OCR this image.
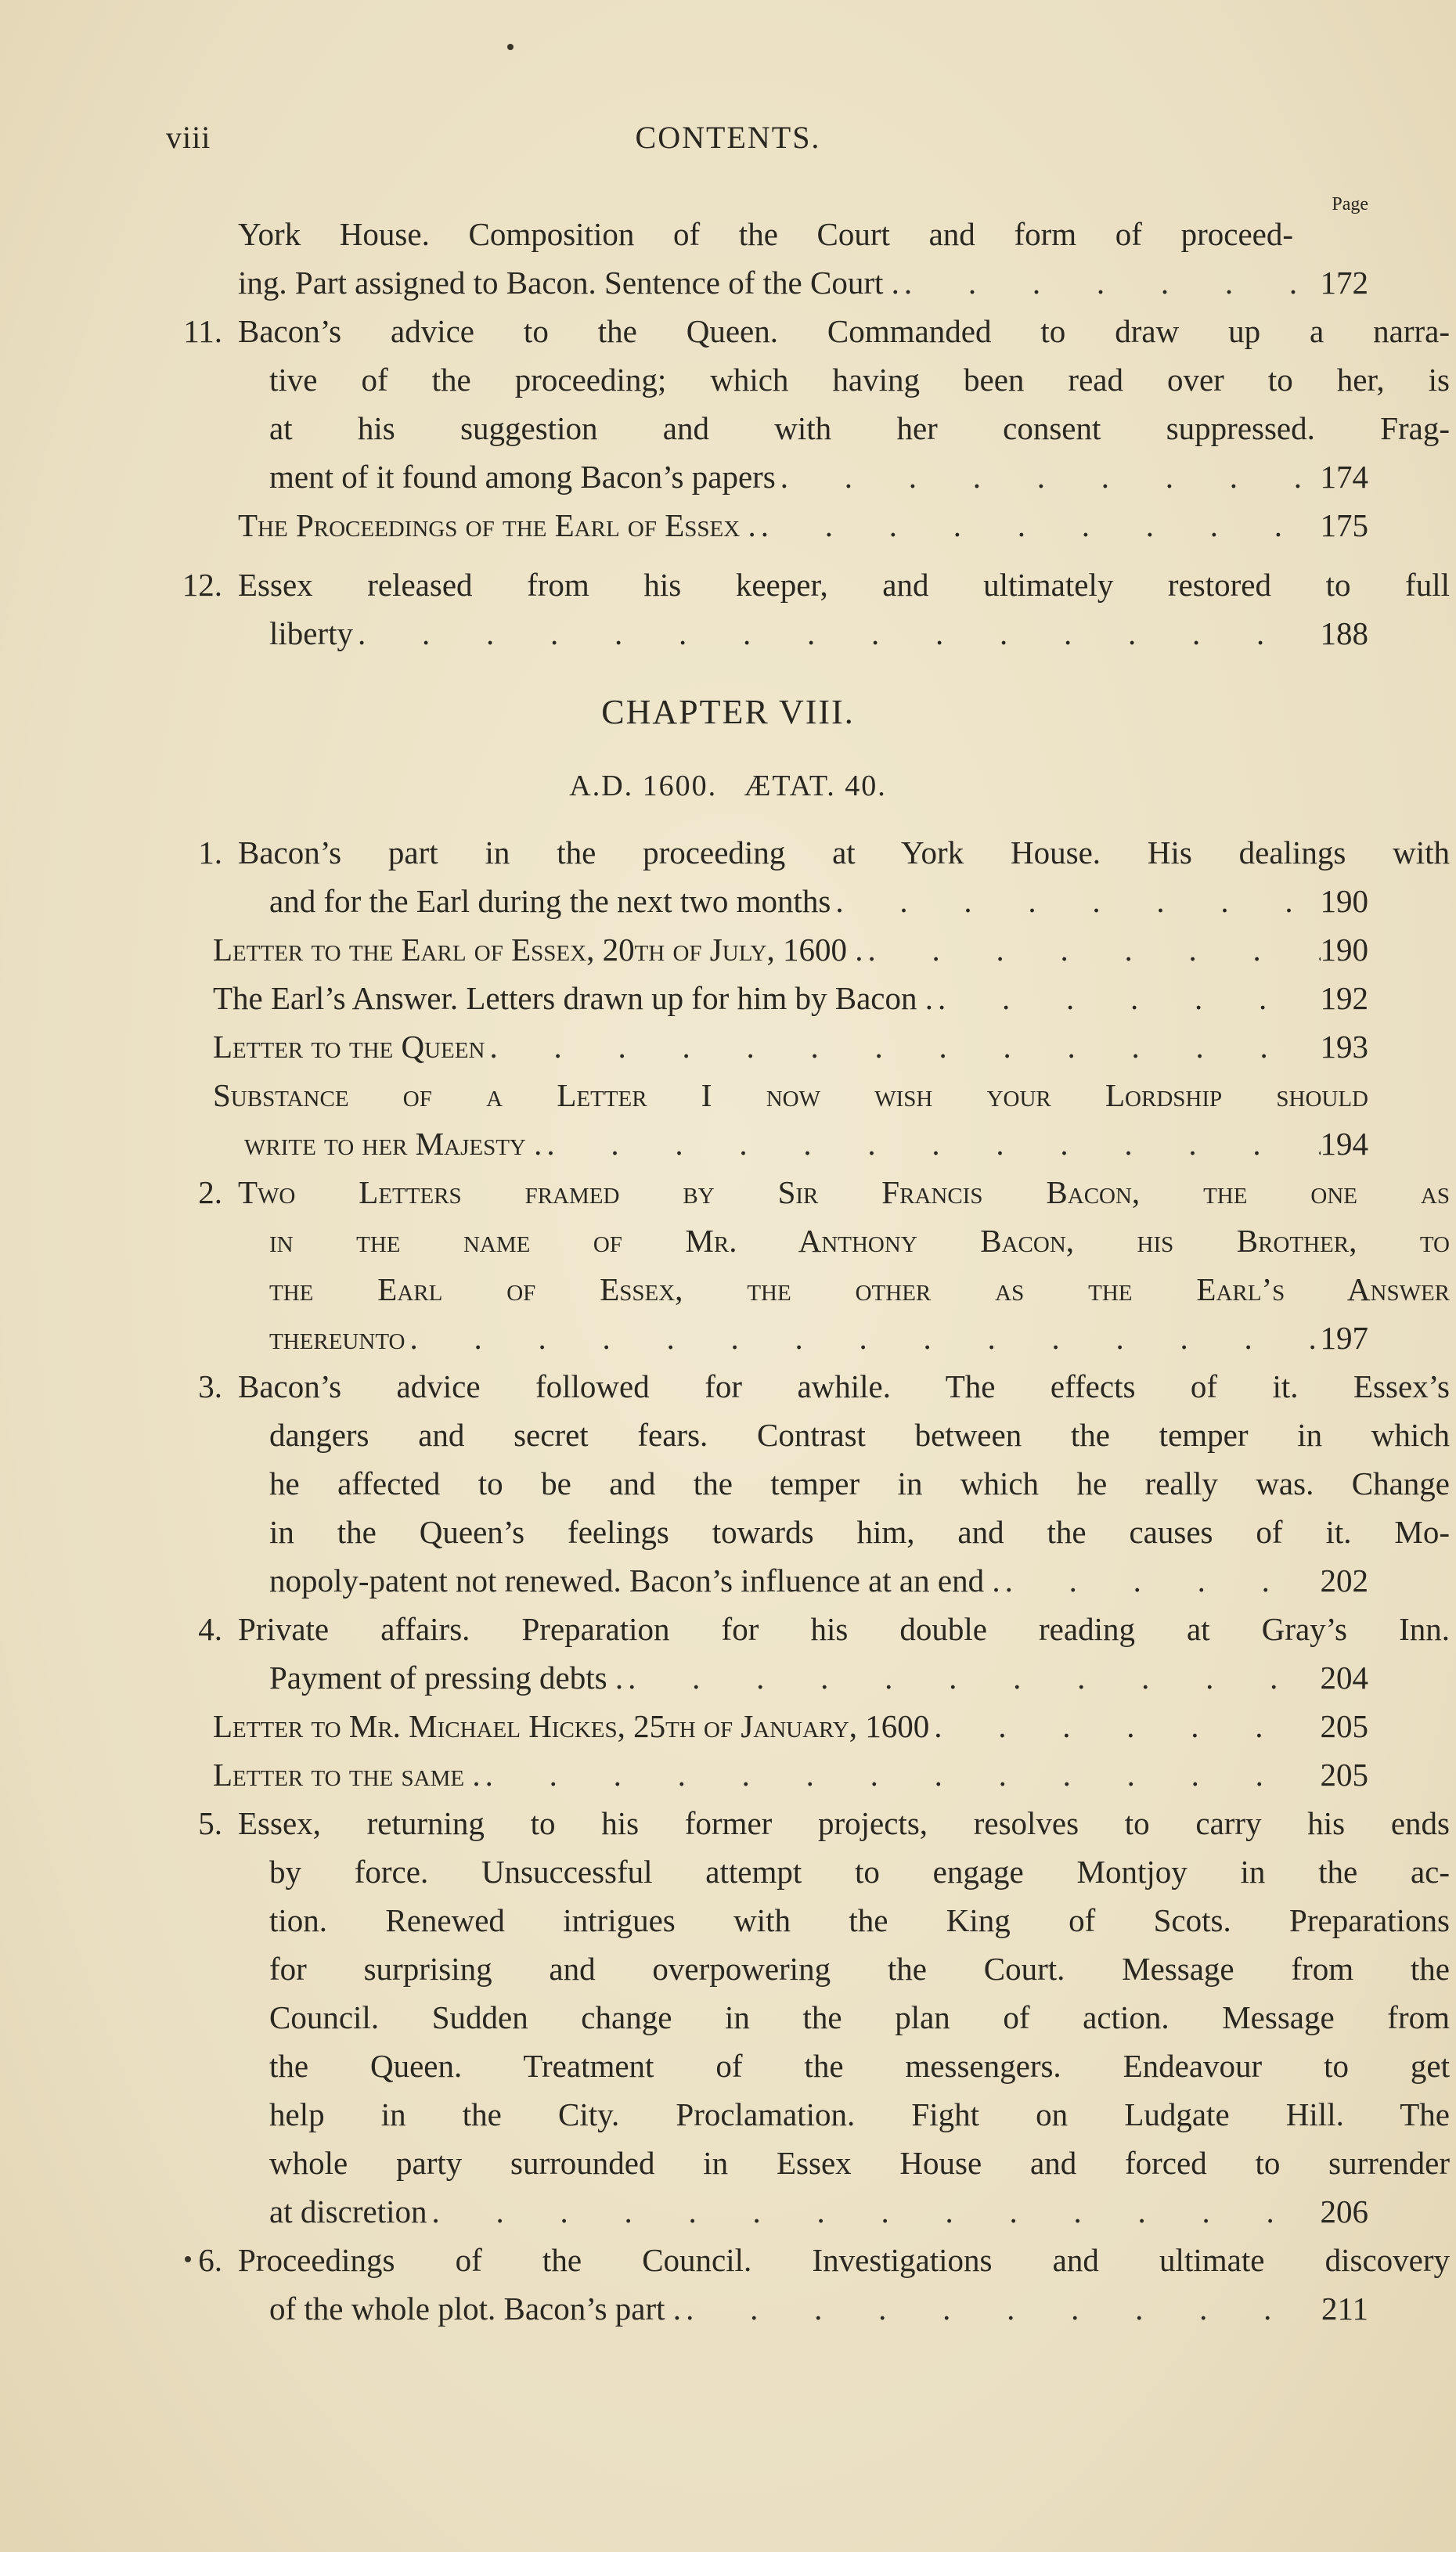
viii	CONTENTS.
Page
York House. Composition of the Court and form of proceed-
ing. Part assigned to Bacon. Sentence of the Court . .	172
11. Bacon’s advice to the Queen. Commanded to draw up a narra-
tive of the proceeding; which having been read over to her, is
at his suggestion and with her consent suppressed. Frag-
ment of it found among Bacon’s papers .	174
The Proceedings of the Earl of Essex . .	175
12. Essex released from his keeper, and ultimately restored to full
liberty .	188
CHAPTER VIII.
A.D. 1600. ÆTAT. 40.
1. Bacon’s part in the proceeding at York House. His dealings with
and for the Earl during the next two months .	190
Letter to the Earl of Essex, 20th of July, 1600 . .	190
The Earl’s Answer. Letters drawn up for him by Bacon . .	192
Letter to the Queen .	193
Substance of a Letter I now wish your Lordship should
write to her Majesty . .	194
2. Two Letters framed by Sir Francis Bacon, the one as
in the name of Mr. Anthony Bacon, his Brother, to
the Earl of Essex, the other as the Earl’s Answer
thereunto .	197
3. Bacon’s advice followed for awhile. The effects of it. Essex’s
dangers and secret fears. Contrast between the temper in which
he affected to be and the temper in which he really was. Change
in the Queen’s feelings towards him, and the causes of it. Mo-
nopoly-patent not renewed. Bacon’s influence at an end . .	202
4. Private affairs. Preparation for his double reading at Gray’s Inn.
Payment of pressing debts . .	204
Letter to Mr. Michael Hickes, 25th of January, 1600 .	205
Letter to the same . .	205
5. Essex, returning to his former projects, resolves to carry his ends
by force. Unsuccessful attempt to engage Montjoy in the ac-
tion. Renewed intrigues with the King of Scots. Preparations
for surprising and overpowering the Court. Message from the
Council. Sudden change in the plan of action. Message from
the Queen. Treatment of the messengers. Endeavour to get
help in the City. Proclamation. Fight on Ludgate Hill. The
whole party surrounded in Essex House and forced to surrender
at discretion .	206
6. Proceedings of the Council. Investigations and ultimate discovery
of the whole plot. Bacon’s part . .	211
